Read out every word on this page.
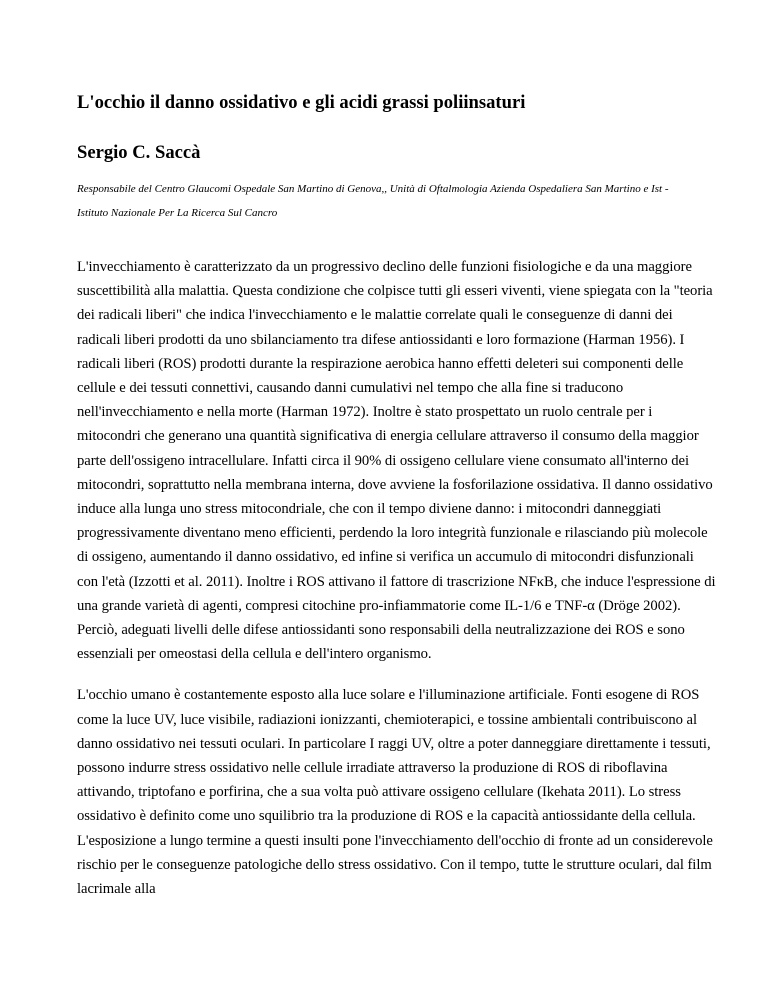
L'occhio il danno ossidativo e gli acidi grassi poliinsaturi
Sergio C. Saccà
Responsabile del Centro Glaucomi Ospedale San Martino di Genova,, Unità di Oftalmologia Azienda Ospedaliera San Martino e Ist -Istituto Nazionale Per La Ricerca Sul Cancro

L'invecchiamento è caratterizzato da un progressivo declino delle funzioni fisiologiche e da una maggiore suscettibilità alla malattia. Questa condizione che colpisce tutti gli esseri viventi, viene spiegata con la "teoria dei radicali liberi" che indica l'invecchiamento e le malattie correlate quali le conseguenze di danni dei radicali liberi prodotti da uno sbilanciamento tra difese antiossidanti e loro formazione (Harman 1956). I radicali liberi (ROS) prodotti durante la respirazione aerobica hanno effetti deleteri sui componenti delle cellule e dei tessuti connettivi, causando danni cumulativi nel tempo che alla fine si traducono nell'invecchiamento e nella morte (Harman 1972). Inoltre è stato prospettato un ruolo centrale per i mitocondri che generano una quantità significativa di energia cellulare attraverso il consumo della maggior parte dell'ossigeno intracellulare. Infatti circa il 90% di ossigeno cellulare viene consumato all'interno dei mitocondri, soprattutto nella membrana interna, dove avviene la fosforilazione ossidativa. Il danno ossidativo induce alla lunga uno stress mitocondriale, che con il tempo diviene danno: i mitocondri danneggiati progressivamente diventano meno efficienti, perdendo la loro integrità funzionale e rilasciando più molecole di ossigeno, aumentando il danno ossidativo, ed infine si verifica un accumulo di mitocondri disfunzionali con l'età (Izzotti et al. 2011). Inoltre i ROS attivano il fattore di trascrizione NFκB, che induce l'espressione di una grande varietà di agenti, compresi citochine pro-infiammatorie come IL-1/6 e TNF-α (Dröge 2002). Perciò, adeguati livelli delle difese antiossidanti sono responsabili della neutralizzazione dei ROS e sono essenziali per omeostasi della cellula e dell'intero organismo.

L'occhio umano è costantemente esposto alla luce solare e l'illuminazione artificiale. Fonti esogene di ROS come la luce UV, luce visibile, radiazioni ionizzanti, chemioterapici, e tossine ambientali contribuiscono al danno ossidativo nei tessuti oculari. In particolare I raggi UV, oltre a poter danneggiare direttamente i tessuti, possono indurre stress ossidativo nelle cellule irradiate attraverso la produzione di ROS di riboflavina attivando, triptofano e porfirina, che a sua volta può attivare ossigeno cellulare (Ikehata 2011). Lo stress ossidativo è definito come uno squilibrio tra la produzione di ROS e la capacità antiossidante della cellula. L'esposizione a lungo termine a questi insulti pone l'invecchiamento dell'occhio di fronte ad un considerevole rischio per le conseguenze patologiche dello stress ossidativo. Con il tempo, tutte le strutture oculari, dal film lacrimale alla
